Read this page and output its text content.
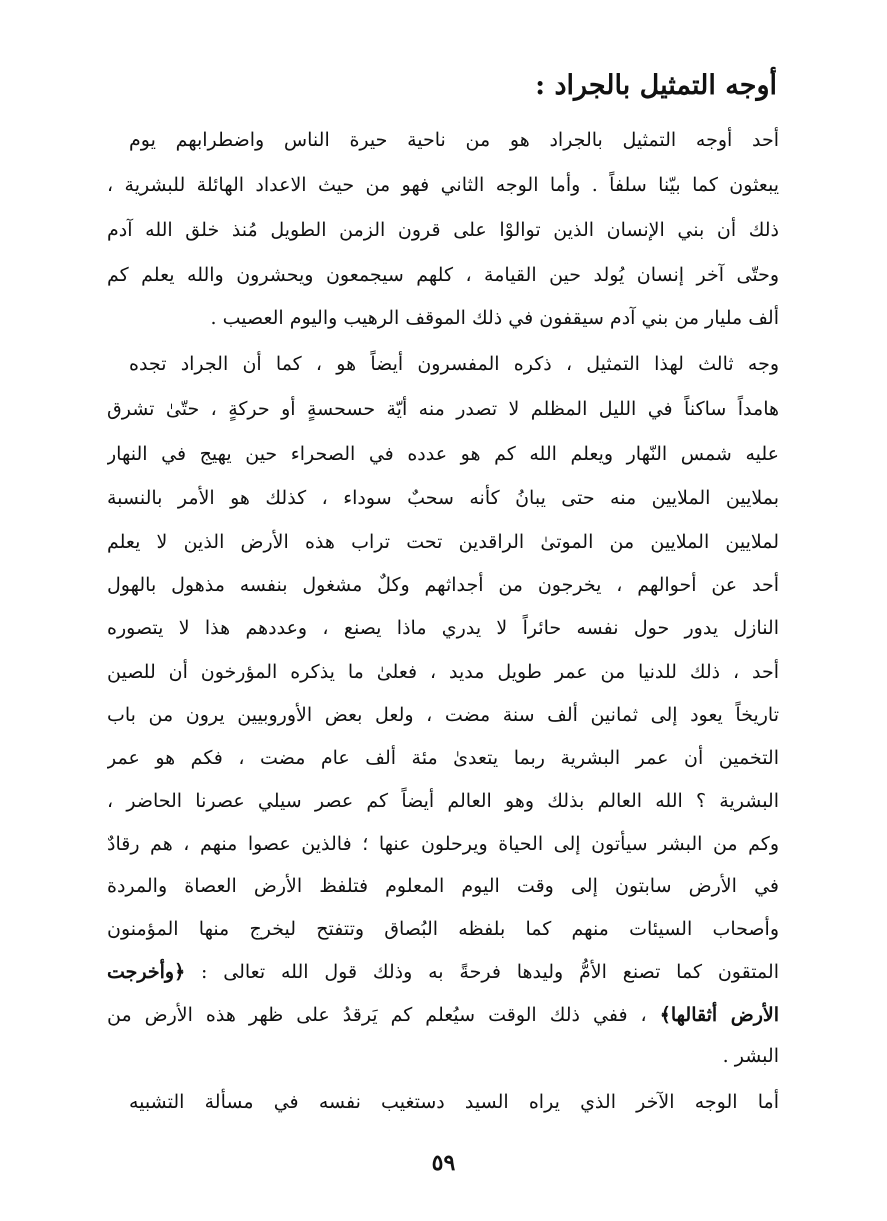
أوجه التمثيل بالجراد :
أحد أوجه التمثيل بالجراد هو من ناحية حيرة الناس واضطرابهم يوم
يبعثون كما بيّنا سلفاً . وأما الوجه الثاني فهو من حيث الاعداد الهائلة للبشرية ،
ذلك أن بني الإنسان الذين توالوْا على قرون الزمن الطويل مُنذ خلق الله آدم
وحتّى آخر إنسان يُولد حين القيامة ، كلهم سيجمعون ويحشرون والله يعلم كم
ألف مليار من بني آدم سيقفون في ذلك الموقف الرهيب واليوم العصيب .
وجه ثالث لهذا التمثيل ، ذكره المفسرون أيضاً هو ، كما أن الجراد تجده
هامداً ساكناً في الليل المظلم لا تصدر منه أيّة حسحسةٍ أو حركةٍ ، حتّىٰ تشرق
عليه شمس النّهار ويعلم الله كم هو عدده في الصحراء حين يهيج في النهار
بملايين الملايين منه حتى يبانُ كأنه سحبٌ سوداء ، كذلك هو الأمر بالنسبة
لملايين الملايين من الموتىٰ الراقدين تحت تراب هذه الأرض الذين لا يعلم
أحد عن أحوالهم ، يخرجون من أجداثهم وكلٌ مشغول بنفسه مذهول بالهول
النازل يدور حول نفسه حائراً لا يدري ماذا يصنع ، وعددهم هذا لا يتصوره
أحد ، ذلك للدنيا من عمر طويل مديد ، فعلىٰ ما يذكره المؤرخون أن للصين
تاريخاً يعود إلى ثمانين ألف سنة مضت ، ولعل بعض الأوروبيين يرون من باب
التخمين أن عمر البشرية ربما يتعدىٰ مئة ألف عام مضت ، فكم هو عمر
البشرية ؟ الله العالم بذلك وهو العالم أيضاً كم عصر سيلي عصرنا الحاضر ،
وكم من البشر سيأتون إلى الحياة ويرحلون عنها ؛ فالذين عصوا منهم ، هم رقادٌ
في الأرض سابتون إلى وقت اليوم المعلوم فتلفظ الأرض العصاة والمردة
وأصحاب السيئات منهم كما بلفظه البُصاق وتتفتح ليخرج منها المؤمنون
المتقون كما تصنع الأمُّ وليدها فرحةً به وذلك قول الله تعالى : ﴿وأخرجت
الأرض أثقالها﴾ ، ففي ذلك الوقت سيُعلم كم يَرقدُ على ظهر هذه الأرض من
البشر .
أما الوجه الآخر الذي يراه السيد دستغيب نفسه في مسألة التشبيه
٥٩
